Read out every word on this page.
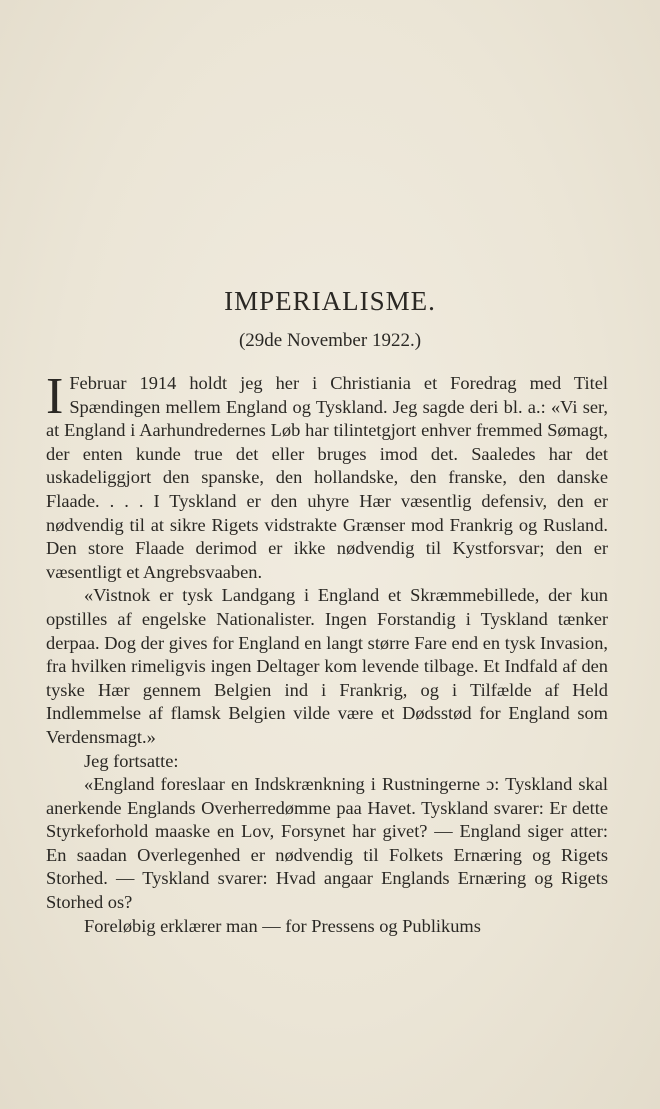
IMPERIALISME.
(29de November 1922.)

I Februar 1914 holdt jeg her i Christiania et Foredrag med Titel Spændingen mellem England og Tyskland. Jeg sagde deri bl. a.: «Vi ser, at England i Aarhundredernes Løb har tilintetgjort enhver fremmed Sømagt, der enten kunde true det eller bruges imod det. Saaledes har det uskadeliggjort den spanske, den hollandske, den franske, den danske Flaade. . . . I Tyskland er den uhyre Hær væsentlig defensiv, den er nødvendig til at sikre Rigets vidstrakte Grænser mod Frankrig og Rusland. Den store Flaade derimod er ikke nødvendig til Kystforsvar; den er væsentligt et Angrebsvaaben.

«Vistnok er tysk Landgang i England et Skræmmebillede, der kun opstilles af engelske Nationalister. Ingen Forstandig i Tyskland tænker derpaa. Dog der gives for England en langt større Fare end en tysk Invasion, fra hvilken rimeligvis ingen Deltager kom levende tilbage. Et Indfald af den tyske Hær gennem Belgien ind i Frankrig, og i Tilfælde af Held Indlemmelse af flamsk Belgien vilde være et Dødsstød for England som Verdensmagt.»

Jeg fortsatte:

«England foreslaar en Indskrænkning i Rustningerne ɔ: Tyskland skal anerkende Englands Overherredømme paa Havet. Tyskland svarer: Er dette Styrkeforhold maaske en Lov, Forsynet har givet? — England siger atter: En saadan Overlegenhed er nødvendig til Folkets Ernæring og Rigets Storhed. — Tyskland svarer: Hvad angaar Englands Ernæring og Rigets Storhed os?

Foreløbig erklærer man — for Pressens og Publikums
